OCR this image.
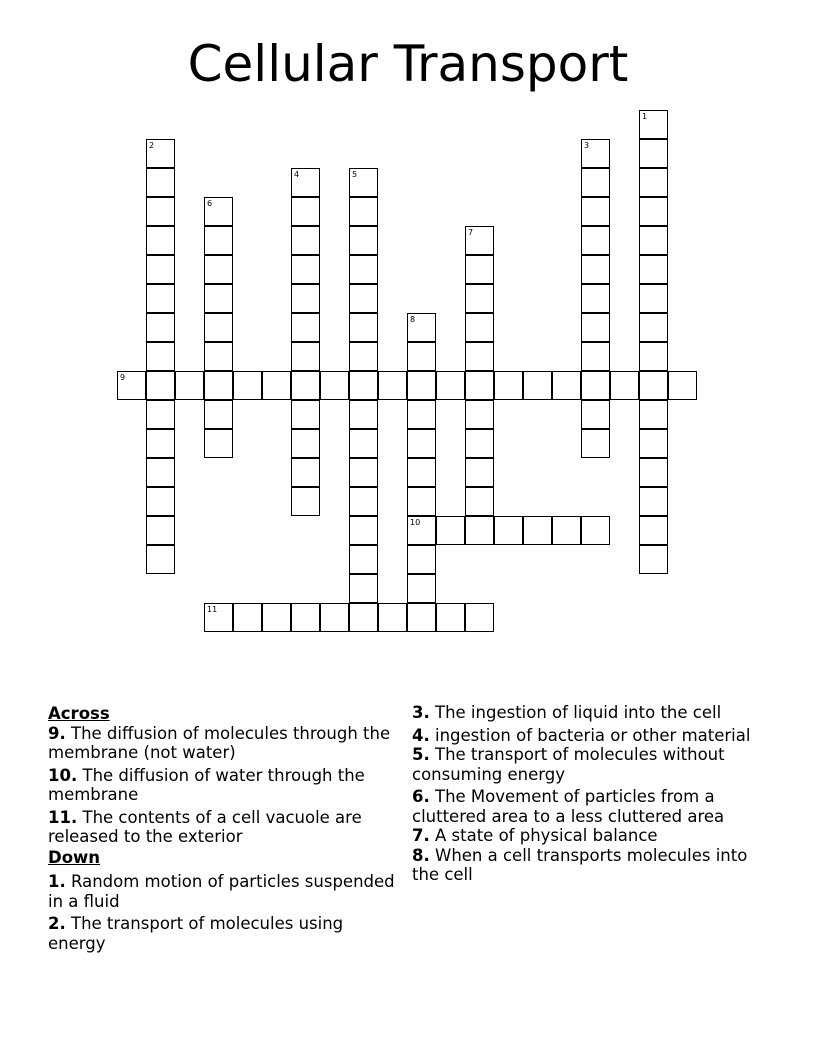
Cellular Transport
1
2	3
4	5
6
7
8
10
9
11
Across
9. The diffusion of molecules through the membrane (not water)
10. The diffusion of water through the membrane
11. The contents of a cell vacuole are released to the exterior
Down
1. Random motion of particles suspended in a fluid
2. The transport of molecules using energy
3. The ingestion of liquid into the cell
4. ingestion of bacteria or other material
5. The transport of molecules without consuming energy
6. The Movement of particles from a cluttered area to a less cluttered area
7. A state of physical balance
8. When a cell transports molecules into the cell
